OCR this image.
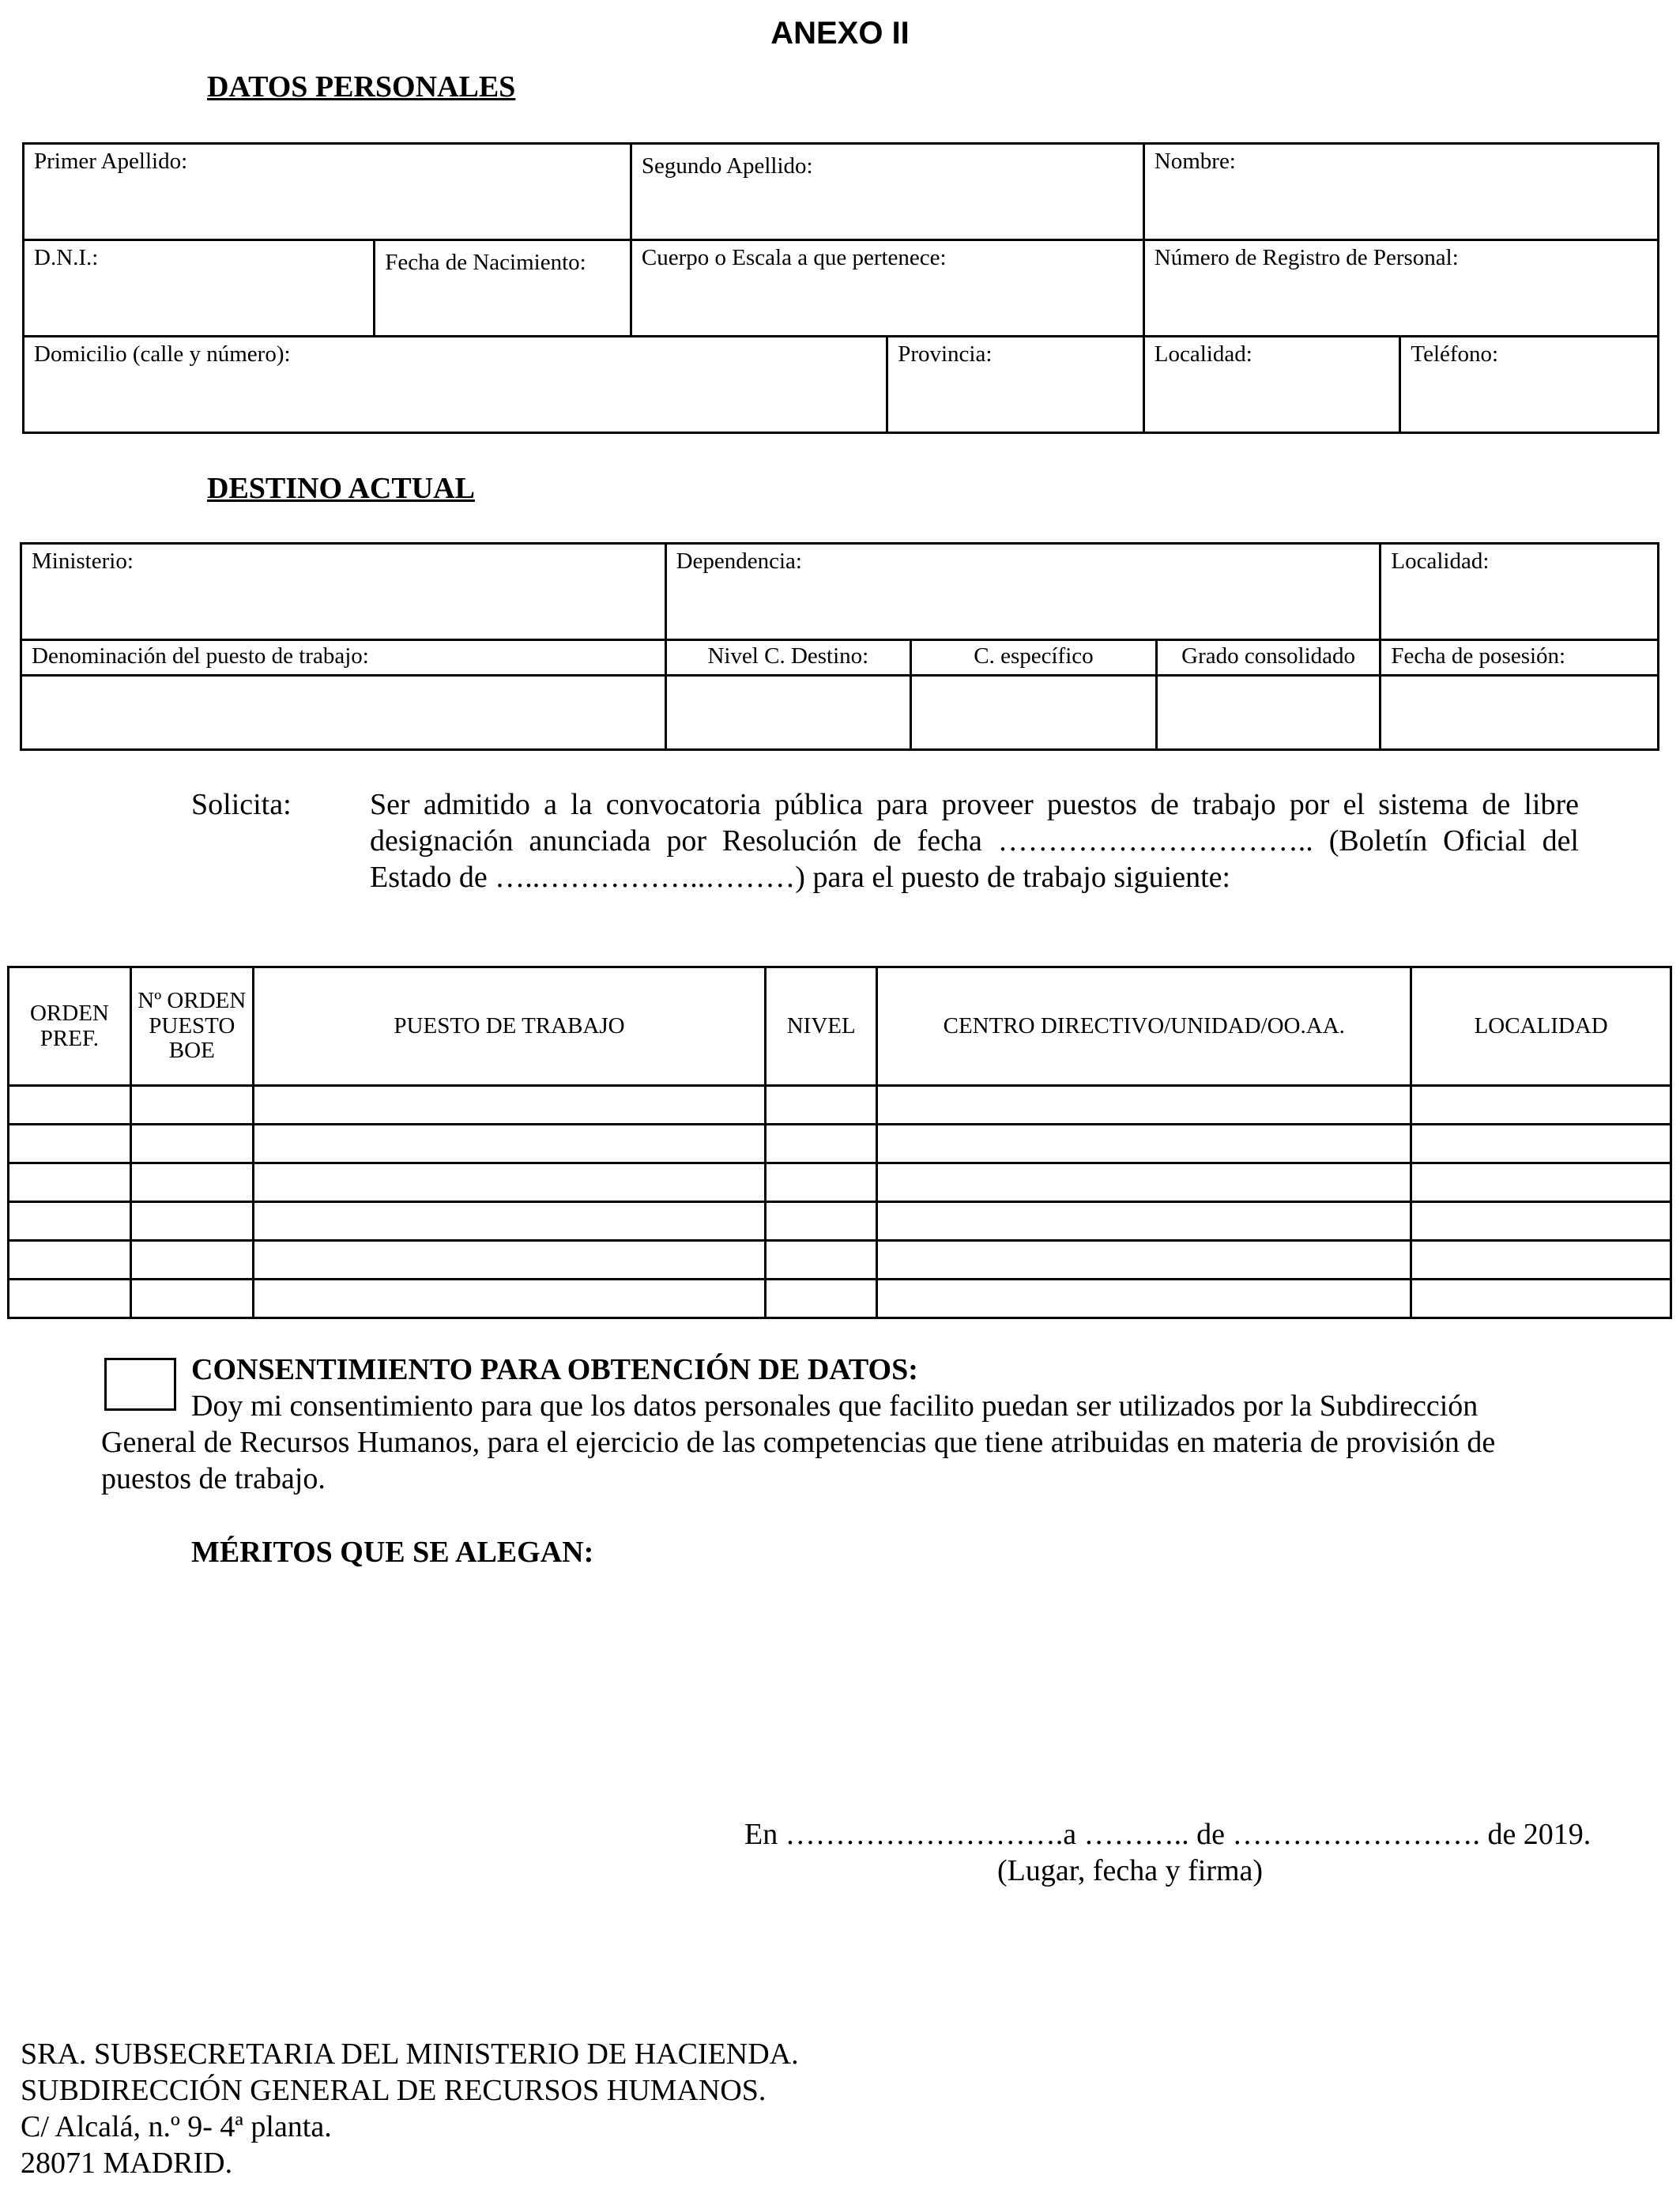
ANEXO II
DATOS PERSONALES
Primer Apellido:		Segundo Apellido:		Nombre:	
D.N.I.:	Fecha de Nacimiento:	Cuerpo o Escala a que pertenece:		Número de Registro de Personal:	
Domicilio (calle y número):			Provincia:	Localidad:	Teléfono:
DESTINO ACTUAL
Ministerio:	Dependencia:			Localidad:
Denominación del puesto de trabajo:	Nivel C. Destino:	C. específico	Grado consolidado	Fecha de posesión:

Solicita:	Ser admitido a la convocatoria pública para proveer puestos de trabajo por el sistema de libre
designación anunciada por Resolución de fecha ………………………….. (Boletín Oficial del
Estado de …..……………..………) para el puesto de trabajo siguiente:
ORDEN PREF.	Nº ORDEN PUESTO BOE	PUESTO DE TRABAJO	NIVEL	CENTRO DIRECTIVO/UNIDAD/OO.AA.	LOCALIDAD

CONSENTIMIENTO PARA OBTENCIÓN DE DATOS:
Doy mi consentimiento para que los datos personales que facilito puedan ser utilizados por la Subdirección
General de Recursos Humanos, para el ejercicio de las competencias que tiene atribuidas en materia de provisión de
puestos de trabajo.
MÉRITOS QUE SE ALEGAN:
En ……………………….a ……….. de ……………………. de 2019.
(Lugar, fecha y firma)
SRA. SUBSECRETARIA DEL MINISTERIO DE HACIENDA.
SUBDIRECCIÓN GENERAL DE RECURSOS HUMANOS.
C/ Alcalá, n.º 9- 4ª planta.
28071 MADRID.
